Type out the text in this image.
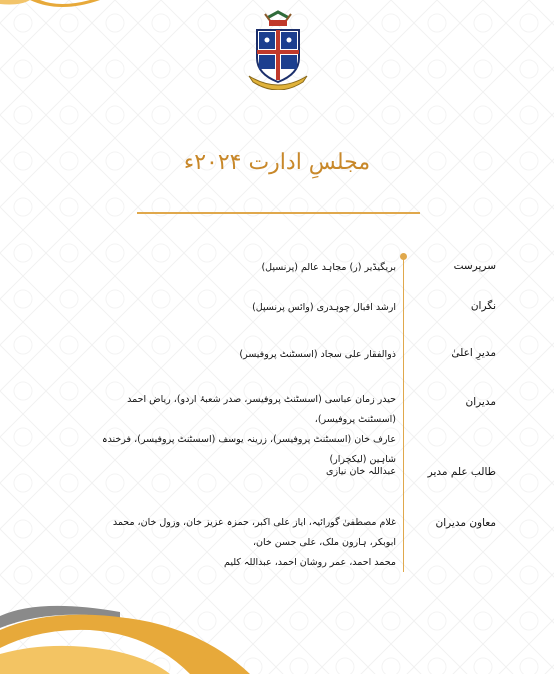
مجلسِ ادارت ۲۰۲۴ء
سرپرست
بریگیڈیر (ر) مجاہد عالم (پرنسپل)
نگران
ارشد اقبال چوہدری (وائس پرنسپل)
مدیرِ اعلیٰ
ذوالفقار علی سجاد (اسسٹنٹ پروفیسر)
مدیران
حیدر زمان عباسی (اسسٹنٹ پروفیسر، صدر شعبۂ اردو)، ریاض احمد (اسسٹنٹ پروفیسر)،
عارف خان (اسسٹنٹ پروفیسر)، زرینہ یوسف (اسسٹنٹ پروفیسر)، فرخندہ شاہین (لیکچرار)
طالب علم مدیر
عبداللہ خان نیازی
معاون مدیران
غلام مصطفیٰ گورائیہ، ایاز علی اکبر، حمزہ عزیز خان، وزول خان، محمد ابوبکر، ہارون ملک، علی حسن خان،
محمد احمد، عمر روشان احمد، عبداللہ کلیم
